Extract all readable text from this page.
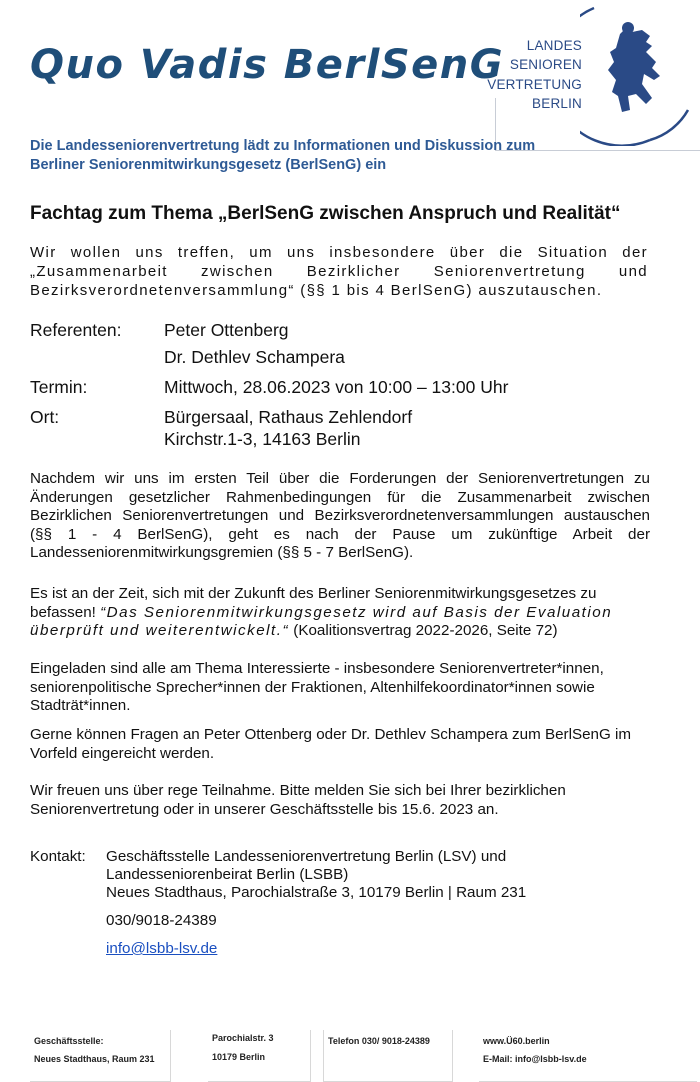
Quo Vadis BerlSenG LANDES
SENIOREN
VERTRETUNG
BERLIN
Die Landesseniorenvertretung lädt zu Informationen und Diskussion zum Berliner Seniorenmitwirkungsgesetz (BerlSenG) ein
Fachtag zum Thema „BerlSenG zwischen Anspruch und Realität“
Wir wollen uns treffen, um uns insbesondere über die Situation der „Zusammenarbeit zwischen Bezirklicher Seniorenvertretung und Bezirksverordnetenversammlung“ (§§ 1 bis 4 BerlSenG) auszutauschen.
Referenten: Peter Ottenberg
Dr. Dethlev Schampera
Termin:	Mittwoch, 28.06.2023 von 10:00 – 13:00 Uhr
Ort:	Bürgersaal, Rathaus Zehlendorf
Kirchstr.1-3, 14163 Berlin
Nachdem wir uns im ersten Teil über die Forderungen der Seniorenvertretungen zu Änderungen gesetzlicher Rahmenbedingungen für die Zusammenarbeit zwischen Bezirklichen Seniorenvertretungen und Bezirksverordnetenversammlungen austauschen (§§ 1 - 4 BerlSenG), geht es nach der Pause um zukünftige Arbeit der Landesseniorenmitwirkungsgremien (§§ 5 - 7 BerlSenG).
Es ist an der Zeit, sich mit der Zukunft des Berliner Seniorenmitwirkungsgesetzes zu befassen! “Das Seniorenmitwirkungsgesetz wird auf Basis der Evaluation überprüft und weiterentwickelt.“ (Koalitionsvertrag 2022-2026, Seite 72)
Eingeladen sind alle am Thema Interessierte - insbesondere Seniorenvertreter*innen, seniorenpolitische Sprecher*innen der Fraktionen, Altenhilfekoordinator*innen sowie Stadträt*innen.
Gerne können Fragen an Peter Ottenberg oder Dr. Dethlev Schampera zum BerlSenG im Vorfeld eingereicht werden.
Wir freuen uns über rege Teilnahme. Bitte melden Sie sich bei Ihrer bezirklichen Seniorenvertretung oder in unserer Geschäftsstelle bis 15.6. 2023 an.
Kontakt: Geschäftsstelle Landesseniorenvertretung Berlin (LSV) und
Landesseniorenbeirat Berlin (LSBB)
Neues Stadthaus, Parochialstraße 3, 10179 Berlin | Raum 231
030/9018-24389
info@lsbb-lsv.de
Geschäftsstelle:
Neues Stadthaus, Raum 231
Parochialstr. 3
10179 Berlin
Telefon 030/ 9018-24389	www.Ü60.berlin
E-Mail: info@lsbb-lsv.de
